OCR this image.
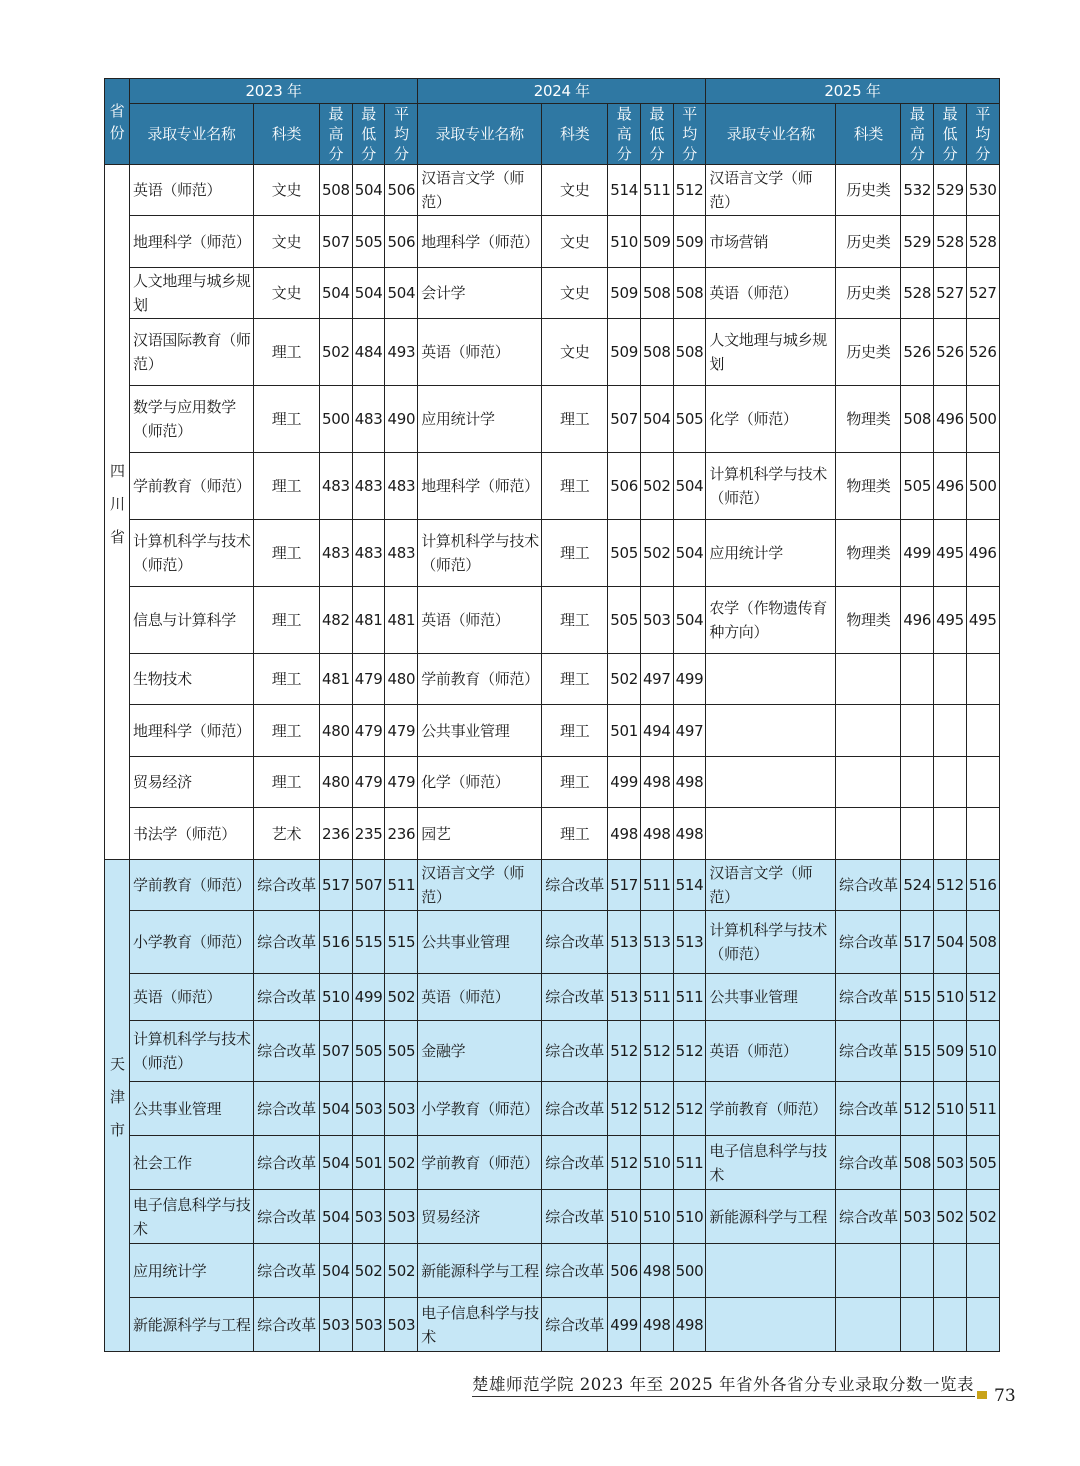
省份	2023 年					2024 年					2025 年				
	录取专业名称	科类	最高分	最低分	平均分	录取专业名称	科类	最高分	最低分	平均分	录取专业名称	科类	最高分	最低分	平均分
四川省	英语（师范）	文史	508	504	506	汉语言文学（师范）	文史	514	511	512	汉语言文学（师范）	历史类	532	529	530
	地理科学（师范）	文史	507	505	506	地理科学（师范）	文史	510	509	509	市场营销	历史类	529	528	528
	人文地理与城乡规划	文史	504	504	504	会计学	文史	509	508	508	英语（师范）	历史类	528	527	527
	汉语国际教育（师范）	理工	502	484	493	英语（师范）	文史	509	508	508	人文地理与城乡规划	历史类	526	526	526
	数学与应用数学（师范）	理工	500	483	490	应用统计学	理工	507	504	505	化学（师范）	物理类	508	496	500
	学前教育（师范）	理工	483	483	483	地理科学（师范）	理工	506	502	504	计算机科学与技术（师范）	物理类	505	496	500
	计算机科学与技术（师范）	理工	483	483	483	计算机科学与技术（师范）	理工	505	502	504	应用统计学	物理类	499	495	496
	信息与计算科学	理工	482	481	481	英语（师范）	理工	505	503	504	农学（作物遗传育种方向）	物理类	496	495	495
	生物技术	理工	481	479	480	学前教育（师范）	理工	502	497	499					
	地理科学（师范）	理工	480	479	479	公共事业管理	理工	501	494	497					
	贸易经济	理工	480	479	479	化学（师范）	理工	499	498	498					
	书法学（师范）	艺术	236	235	236	园艺	理工	498	498	498					
天津市	学前教育（师范）	综合改革	517	507	511	汉语言文学（师范）	综合改革	517	511	514	汉语言文学（师范）	综合改革	524	512	516
	小学教育（师范）	综合改革	516	515	515	公共事业管理	综合改革	513	513	513	计算机科学与技术（师范）	综合改革	517	504	508
	英语（师范）	综合改革	510	499	502	英语（师范）	综合改革	513	511	511	公共事业管理	综合改革	515	510	512
	计算机科学与技术（师范）	综合改革	507	505	505	金融学	综合改革	512	512	512	英语（师范）	综合改革	515	509	510
	公共事业管理	综合改革	504	503	503	小学教育（师范）	综合改革	512	512	512	学前教育（师范）	综合改革	512	510	511
	社会工作	综合改革	504	501	502	学前教育（师范）	综合改革	512	510	511	电子信息科学与技术	综合改革	508	503	505
	电子信息科学与技术	综合改革	504	503	503	贸易经济	综合改革	510	510	510	新能源科学与工程	综合改革	503	502	502
	应用统计学	综合改革	504	502	502	新能源科学与工程	综合改革	506	498	500					
	新能源科学与工程	综合改革	503	503	503	电子信息科学与技术	综合改革	499	498	498					
楚雄师范学院 2023 年至 2025 年省外各省分专业录取分数一览表
73
